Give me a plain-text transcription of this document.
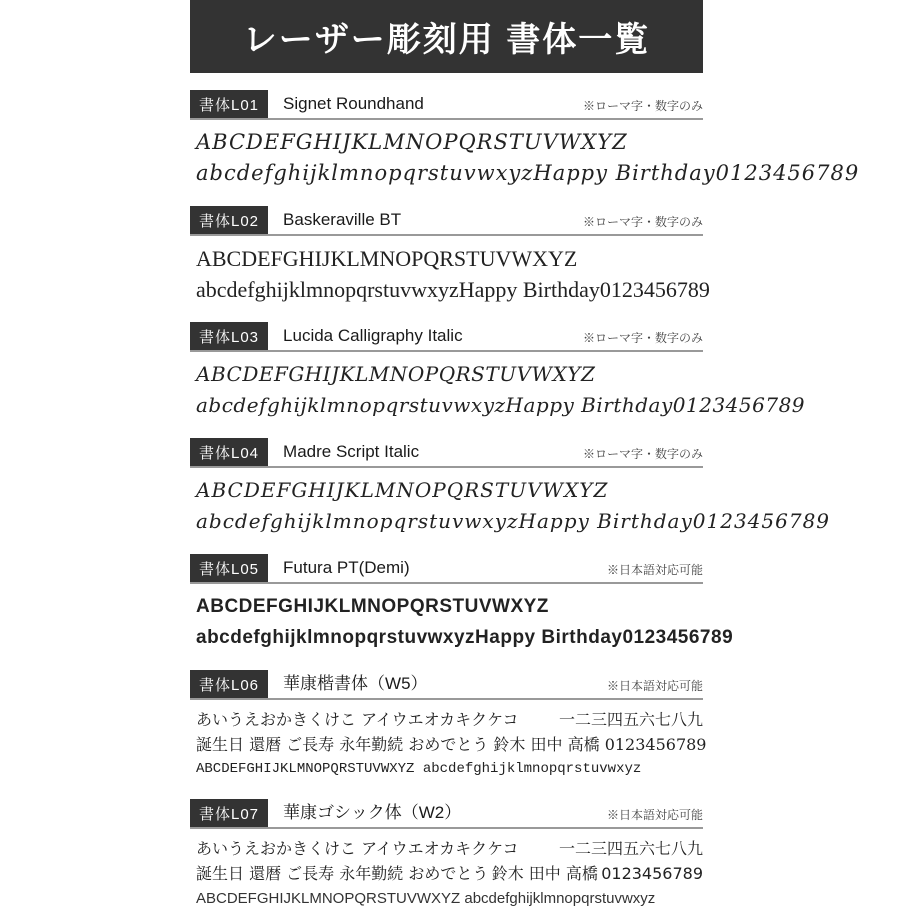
レーザー彫刻用 書体一覧
書体L01	Signet Roundhand	※ローマ字・数字のみ
ABCDEFGHIJKLMNOPQRSTUVWXYZ
abcdefghijklmnopqrstuvwxyz Happy Birthday 0123456789
書体L02	Baskeraville BT	※ローマ字・数字のみ
ABCDEFGHIJKLMNOPQRSTUVWXYZ
abcdefghijklmnopqrstuvwxyz Happy Birthday 0123456789
書体L03	Lucida Calligraphy Italic	※ローマ字・数字のみ
ABCDEFGHIJKLMNOPQRSTUVWXYZ
abcdefghijklmnopqrstuvwxyz Happy Birthday 0123456789
書体L04	Madre Script Italic	※ローマ字・数字のみ
ABCDEFGHIJKLMNOPQRSTUVWXYZ
abcdefghijklmnopqrstuvwxyz Happy Birthday 0123456789
書体L05	Futura PT(Demi)	※日本語対応可能
ABCDEFGHIJKLMNOPQRSTUVWXYZ
abcdefghijklmnopqrstuvwxyz Happy Birthday 0123456789
書体L06	華康楷書体（W5）	※日本語対応可能
あいうえおかきくけこ アイウエオカキクケコ	一二三四五六七八九
誕生日 還暦 ご長寿 永年勤続 おめでとう 鈴木 田中 高橋 0123456789
ABCDEFGHIJKLMNOPQRSTUVWXYZ abcdefghijklmnopqrstuvwxyz
書体L07	華康ゴシック体（W2）	※日本語対応可能
あいうえおかきくけこ アイウエオカキクケコ	一二三四五六七八九
誕生日 還暦 ご長寿 永年勤続 おめでとう 鈴木 田中 高橋 0123456789
ABCDEFGHIJKLMNOPQRSTUVWXYZ abcdefghijklmnopqrstuvwxyz
